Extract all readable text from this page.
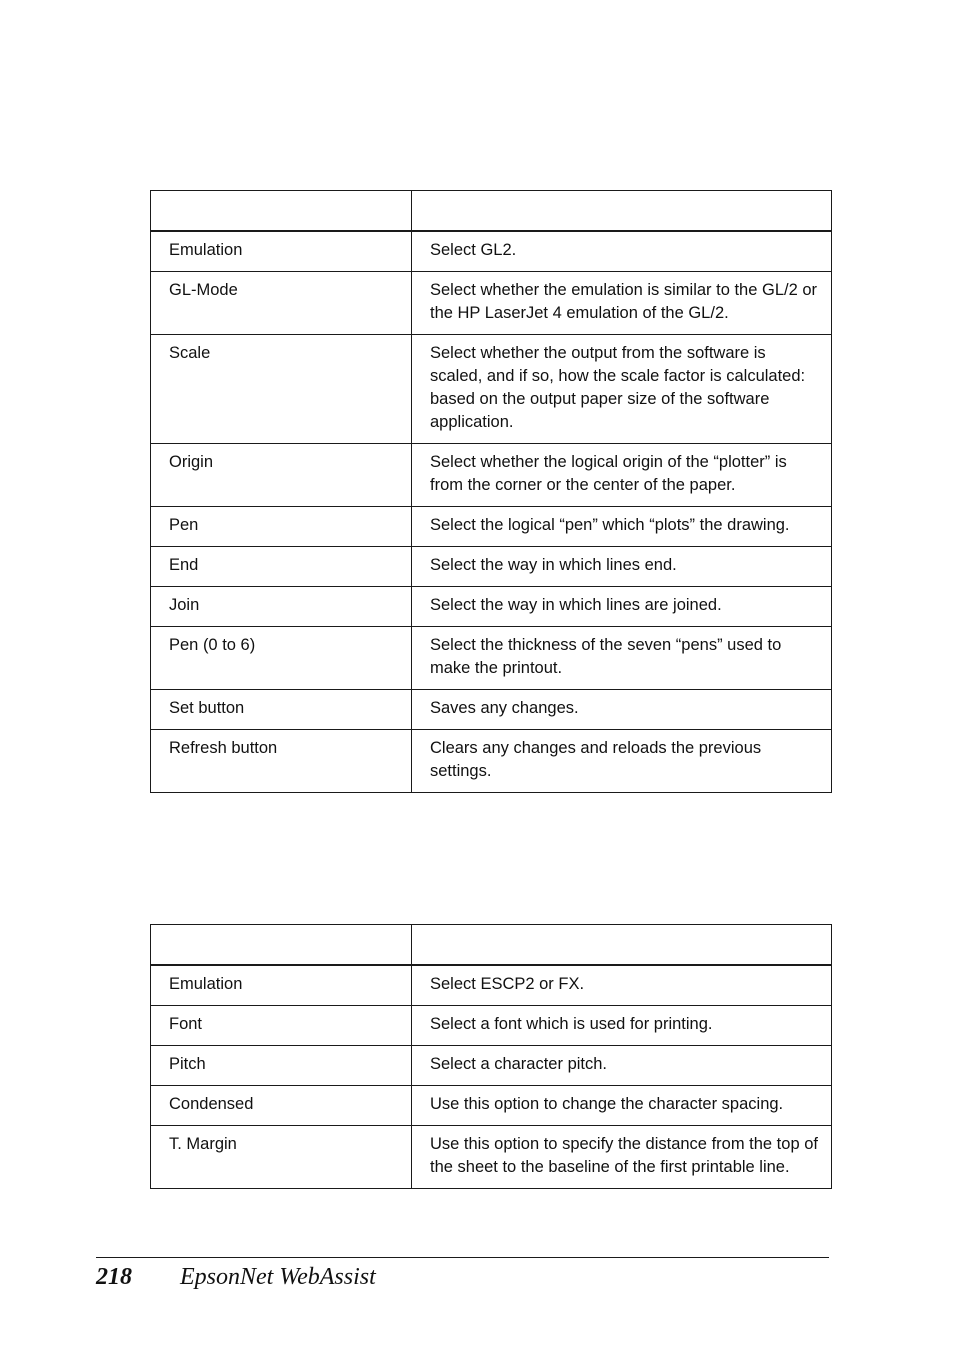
Emulation	Select GL2.
GL-Mode	Select whether the emulation is similar to the GL/2 or the HP LaserJet 4 emulation of the GL/2.
Scale	Select whether the output from the software is scaled, and if so, how the scale factor is calculated: based on the output paper size of the software application.
Origin	Select whether the logical origin of the “plotter” is from the corner or the center of the paper.
Pen	Select the logical “pen” which “plots” the drawing.
End	Select the way in which lines end.
Join	Select the way in which lines are joined.
Pen (0 to 6)	Select the thickness of the seven “pens” used to make the printout.
Set button	Saves any changes.
Refresh button	Clears any changes and reloads the previous settings.

Emulation	Select ESCP2 or FX.
Font	Select a font which is used for printing.
Pitch	Select a character pitch.
Condensed	Use this option to change the character spacing.
T. Margin	Use this option to specify the distance from the top of the sheet to the baseline of the first printable line.
218 EpsonNet WebAssist
